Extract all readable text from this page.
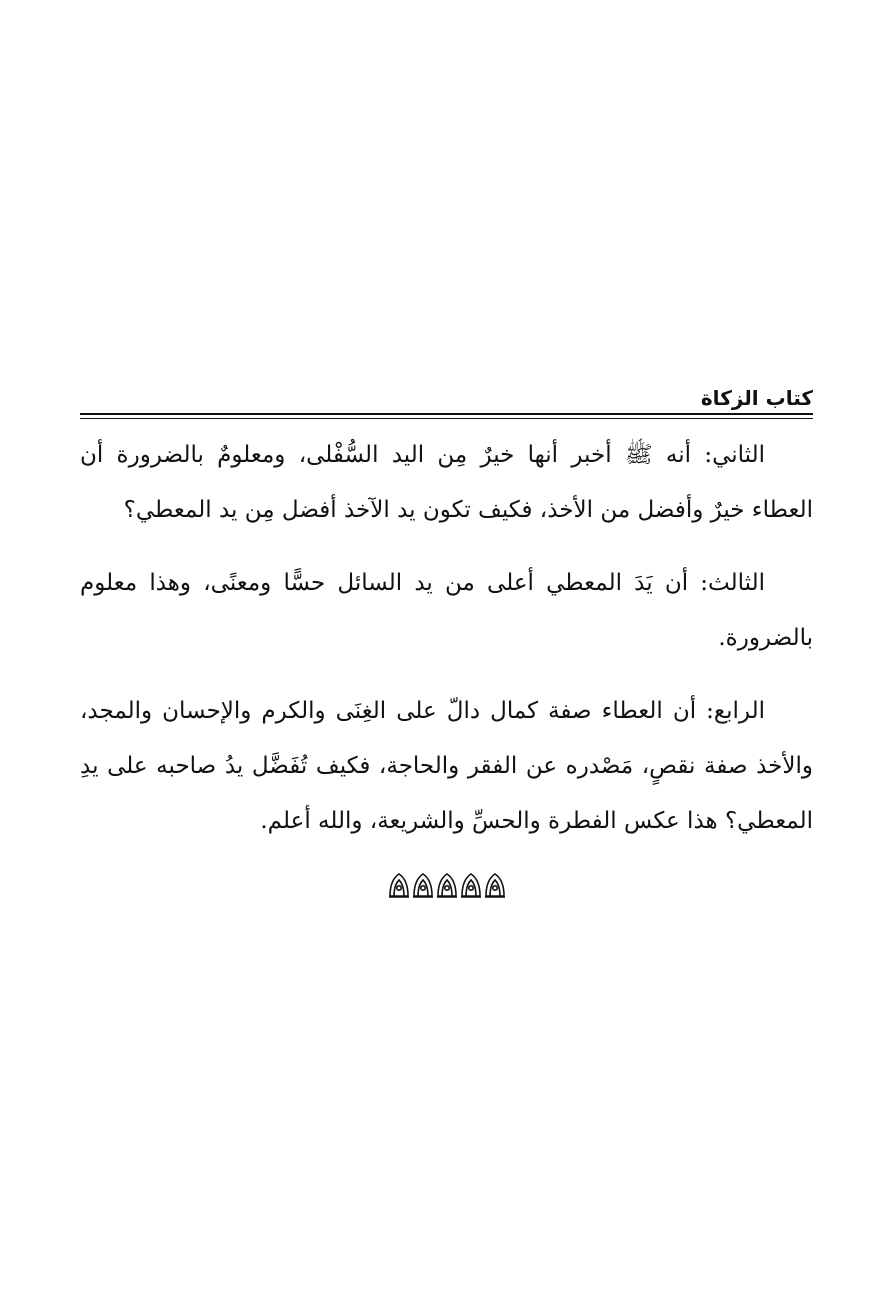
كتاب الزكاة

الثاني: أنه ﷺ أخبر أنها خيرٌ مِن اليد السُّفْلى، ومعلومٌ بالضرورة أن العطاء خيرٌ وأفضل من الأخذ، فكيف تكون يد الآخذ أفضل مِن يد المعطي؟

الثالث: أن يَدَ المعطي أعلى من يد السائل حسًّا ومعنًى، وهذا معلوم بالضرورة.

الرابع: أن العطاء صفة كمال دالّ على الغِنَى والكرم والإحسان والمجد، والأخذ صفة نقصٍ، مَصْدره عن الفقر والحاجة، فكيف تُفَضَّل يدُ صاحبه على يدِ المعطي؟ هذا عكس الفطرة والحسِّ والشريعة، والله أعلم.
